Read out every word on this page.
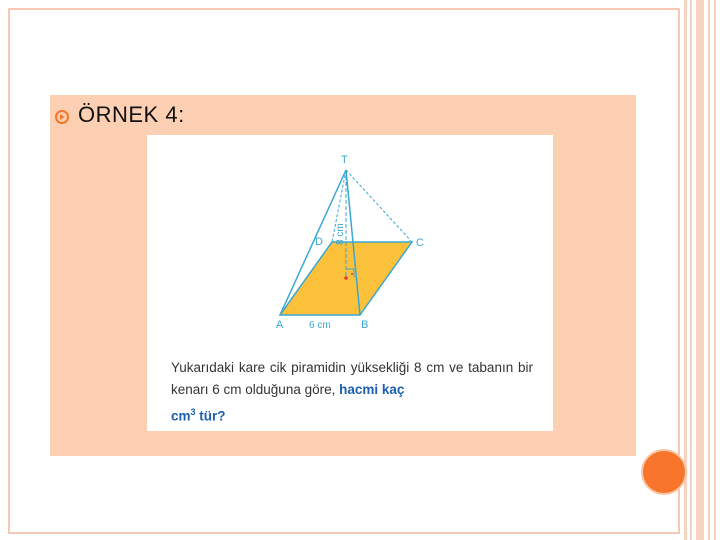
ÖRNEK 4:
T
A	B
C
D
6 cm
8 cm
Yukarıdaki kare cik piramidin yüksekliği 8 cm ve tabanın bir kenarı 6 cm olduğuna göre, hacmi kaç
$cm^3$ tür?
